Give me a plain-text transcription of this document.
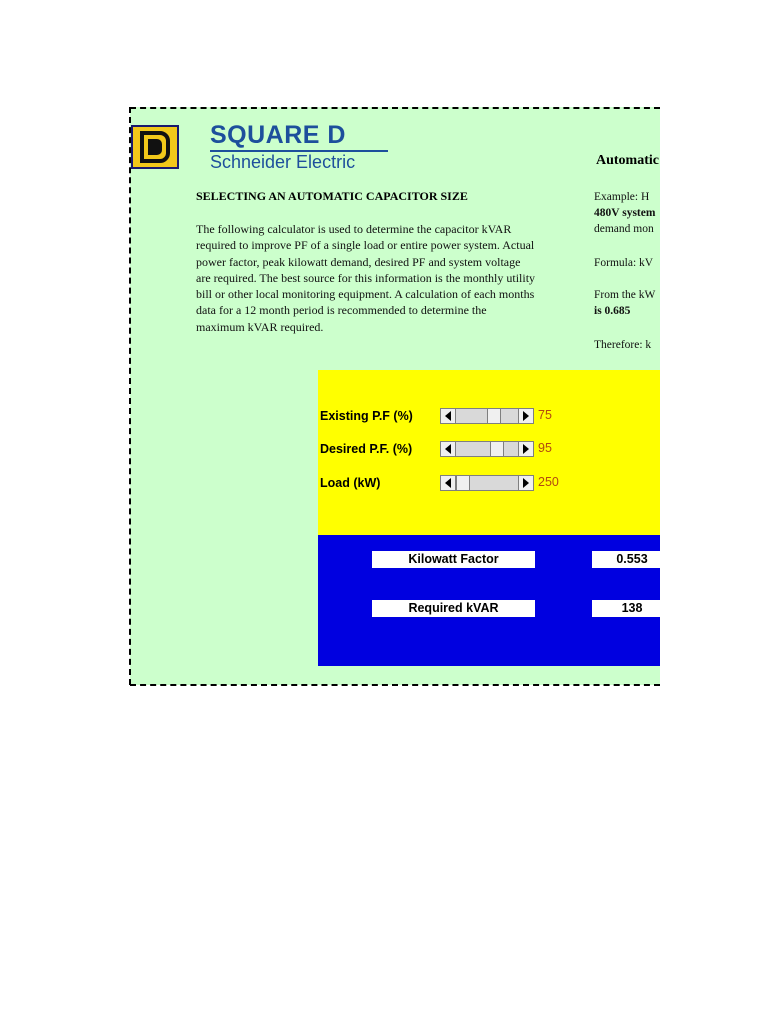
SQUARE D
Schneider Electric
SELECTING AN AUTOMATIC CAPACITOR SIZE
The following calculator is used to determine the capacitor kVAR required to improve PF of a single load or entire power system. Actual power factor, peak kilowatt demand, desired PF and system voltage are required. The best source for this information is the monthly utility bill or other local monitoring equipment. A calculation of each months data for a 12 month period is recommended to determine the maximum kVAR required.
Automatic
Example: H
480V system
demand mon
Formula: kV
From the kW
is 0.685
Therefore: k
Existing P.F (%)	75
Desired P.F. (%)	95
Load (kW)	250
Kilowatt Factor	0.553
Required kVAR	138
